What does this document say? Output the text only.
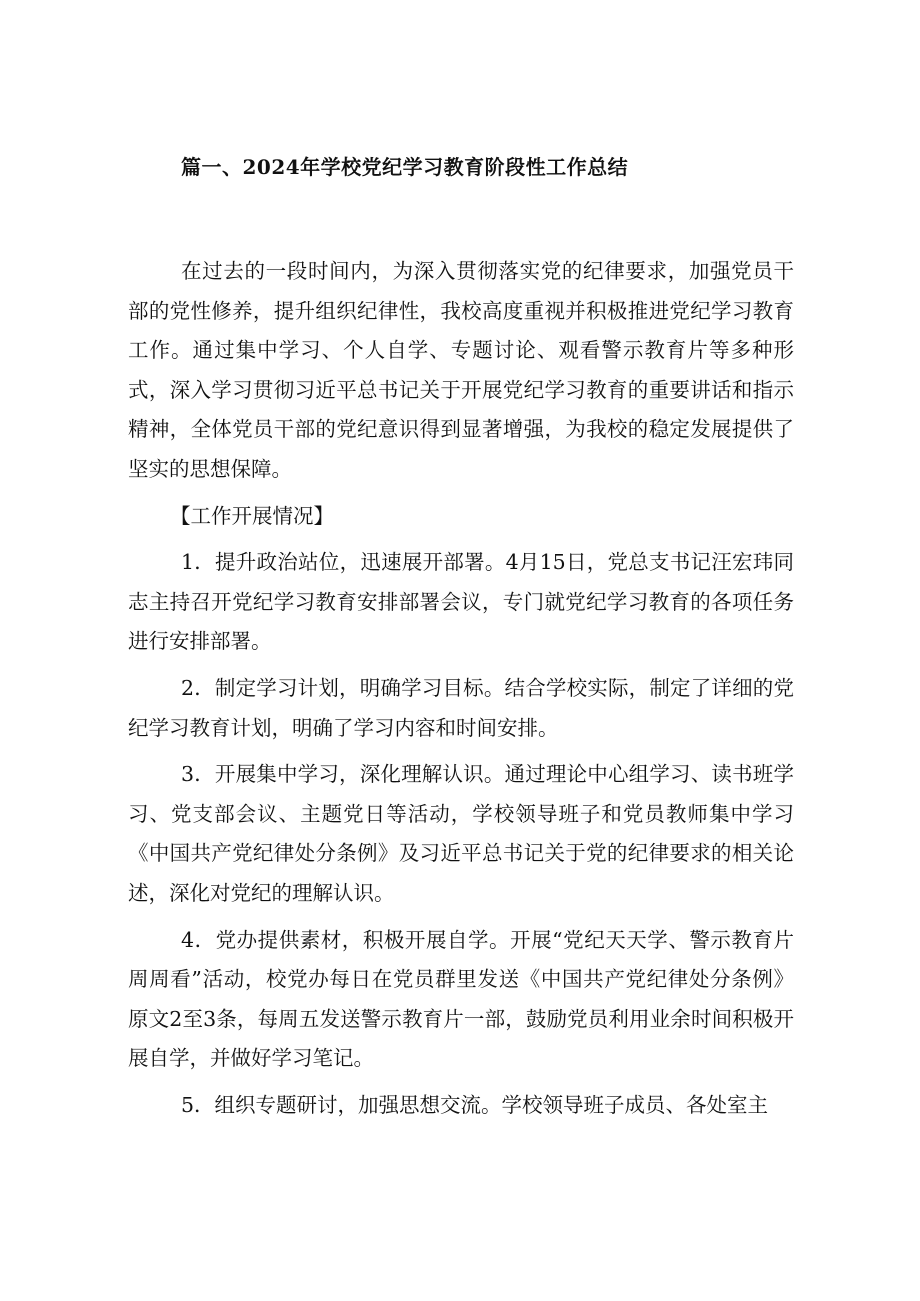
篇一、2024年学校党纪学习教育阶段性工作总结

在过去的一段时间内，为深入贯彻落实党的纪律要求，加强党员干部的党性修养，提升组织纪律性，我校高度重视并积极推进党纪学习教育工作。通过集中学习、个人自学、专题讨论、观看警示教育片等多种形式，深入学习贯彻习近平总书记关于开展党纪学习教育的重要讲话和指示精神，全体党员干部的党纪意识得到显著增强，为我校的稳定发展提供了坚实的思想保障。

【工作开展情况】

1．提升政治站位，迅速展开部署。4月15日，党总支书记汪宏玮同志主持召开党纪学习教育安排部署会议，专门就党纪学习教育的各项任务进行安排部署。

2．制定学习计划，明确学习目标。结合学校实际，制定了详细的党纪学习教育计划，明确了学习内容和时间安排。

3．开展集中学习，深化理解认识。通过理论中心组学习、读书班学习、党支部会议、主题党日等活动，学校领导班子和党员教师集中学习《中国共产党纪律处分条例》及习近平总书记关于党的纪律要求的相关论述，深化对党纪的理解认识。

4．党办提供素材，积极开展自学。开展“党纪天天学、警示教育片周周看”活动，校党办每日在党员群里发送《中国共产党纪律处分条例》原文2至3条，每周五发送警示教育片一部，鼓励党员利用业余时间积极开展自学，并做好学习笔记。

5．组织专题研讨，加强思想交流。学校领导班子成员、各处室主
